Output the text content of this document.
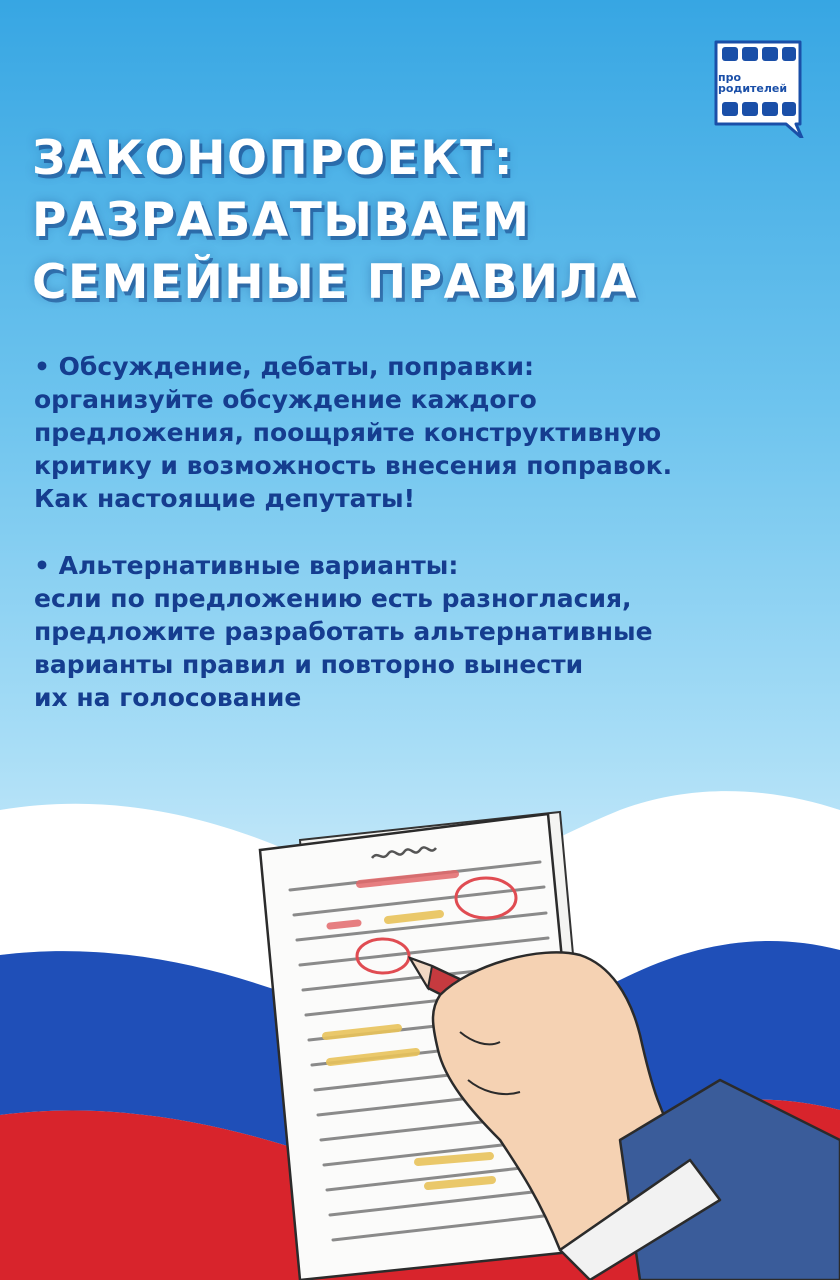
про
родителей
ЗАКОНОПРОЕКТ:
РАЗРАБАТЫВАЕМ
СЕМЕЙНЫЕ ПРАВИЛА
• Обсуждение, дебаты, поправки:
организуйте обсуждение каждого
предложения, поощряйте конструктивную
критику и возможность внесения поправок.
Как настоящие депутаты!
• Альтернативные варианты:
если по предложению есть разногласия,
предложите разработать альтернативные
варианты правил и повторно вынести
их на голосование
